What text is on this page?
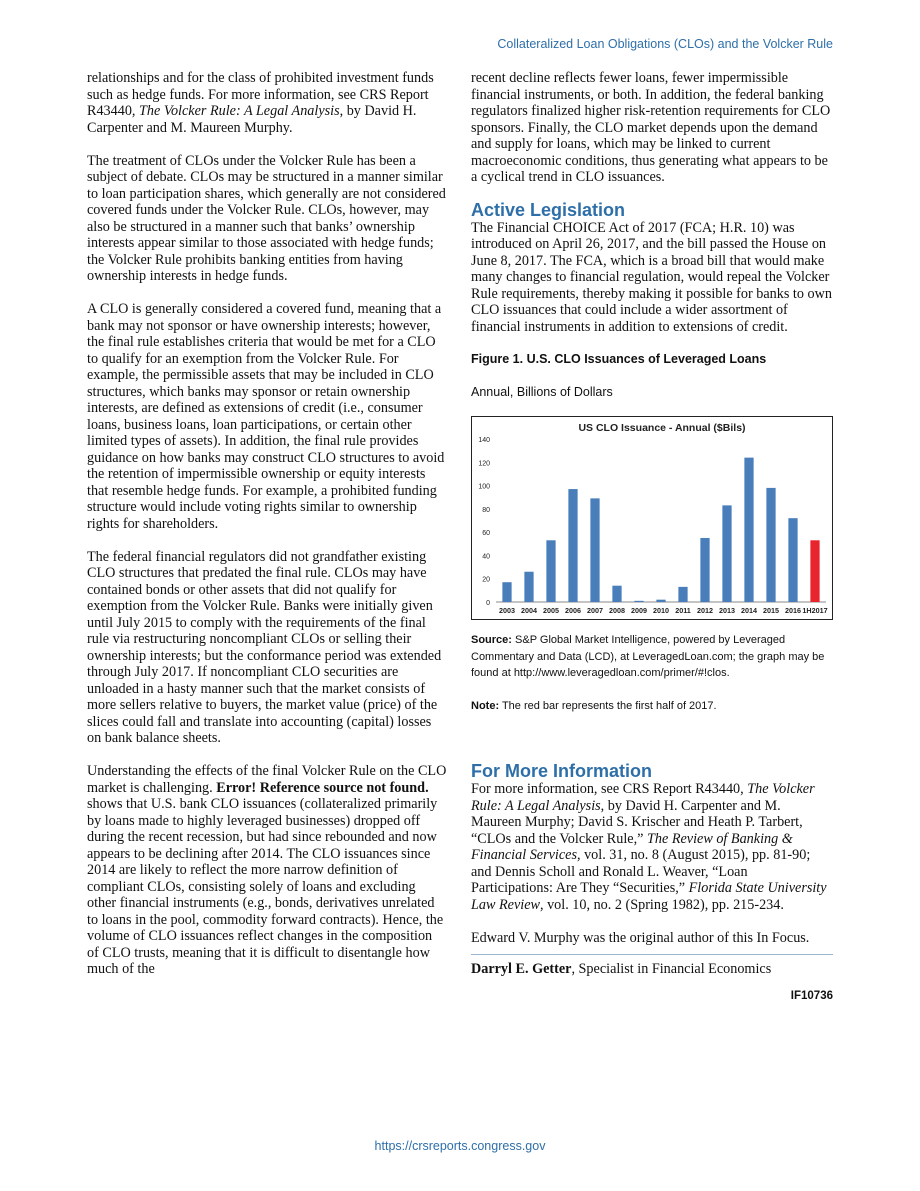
Collateralized Loan Obligations (CLOs) and the Volcker Rule

relationships and for the class of prohibited investment funds such as hedge funds. For more information, see CRS Report R43440, The Volcker Rule: A Legal Analysis, by David H. Carpenter and M. Maureen Murphy.

The treatment of CLOs under the Volcker Rule has been a subject of debate. CLOs may be structured in a manner similar to loan participation shares, which generally are not considered covered funds under the Volcker Rule. CLOs, however, may also be structured in a manner such that banks’ ownership interests appear similar to those associated with hedge funds; the Volcker Rule prohibits banking entities from having ownership interests in hedge funds.

A CLO is generally considered a covered fund, meaning that a bank may not sponsor or have ownership interests; however, the final rule establishes criteria that would be met for a CLO to qualify for an exemption from the Volcker Rule. For example, the permissible assets that may be included in CLO structures, which banks may sponsor or retain ownership interests, are defined as extensions of credit (i.e., consumer loans, business loans, loan participations, or certain other limited types of assets). In addition, the final rule provides guidance on how banks may construct CLO structures to avoid the retention of impermissible ownership or equity interests that resemble hedge funds. For example, a prohibited funding structure would include voting rights similar to ownership rights for shareholders.

The federal financial regulators did not grandfather existing CLO structures that predated the final rule. CLOs may have contained bonds or other assets that did not qualify for exemption from the Volcker Rule. Banks were initially given until July 2015 to comply with the requirements of the final rule via restructuring noncompliant CLOs or selling their ownership interests; but the conformance period was extended through July 2017. If noncompliant CLO securities are unloaded in a hasty manner such that the market consists of more sellers relative to buyers, the market value (price) of the slices could fall and translate into accounting (capital) losses on bank balance sheets.

Understanding the effects of the final Volcker Rule on the CLO market is challenging. Error! Reference source not found. shows that U.S. bank CLO issuances (collateralized primarily by loans made to highly leveraged businesses) dropped off during the recent recession, but had since rebounded and now appears to be declining after 2014. The CLO issuances since 2014 are likely to reflect the more narrow definition of compliant CLOs, consisting solely of loans and excluding other financial instruments (e.g., bonds, derivatives unrelated to loans in the pool, commodity forward contracts). Hence, the volume of CLO issuances reflect changes in the composition of CLO trusts, meaning that it is difficult to disentangle how much of the

recent decline reflects fewer loans, fewer impermissible financial instruments, or both. In addition, the federal banking regulators finalized higher risk-retention requirements for CLO sponsors. Finally, the CLO market depends upon the demand and supply for loans, which may be linked to current macroeconomic conditions, thus generating what appears to be a cyclical trend in CLO issuances.

Active Legislation

The Financial CHOICE Act of 2017 (FCA; H.R. 10) was introduced on April 26, 2017, and the bill passed the House on June 8, 2017. The FCA, which is a broad bill that would make many changes to financial regulation, would repeal the Volcker Rule requirements, thereby making it possible for banks to own CLO issuances that could include a wider assortment of financial instruments in addition to extensions of credit.

Figure 1. U.S. CLO Issuances of Leveraged Loans

Annual, Billions of Dollars

US CLO Issuance - Annual ($Bils)
0
20
40
60
80
100
120
140
2003 2004 2005 2006 2007 2008 2009 2010 2011 2012 2013 2014 2015 2016 1H2017

Source: S&P Global Market Intelligence, powered by Leveraged Commentary and Data (LCD), at LeveragedLoan.com; the graph may be found at http://www.leveragedloan.com/primer/#!clos.

Note: The red bar represents the first half of 2017.

For More Information

For more information, see CRS Report R43440, The Volcker Rule: A Legal Analysis, by David H. Carpenter and M. Maureen Murphy; David S. Krischer and Heath P. Tarbert, “CLOs and the Volcker Rule,” The Review of Banking & Financial Services, vol. 31, no. 8 (August 2015), pp. 81-90; and Dennis Scholl and Ronald L. Weaver, “Loan Participations: Are They “Securities,” Florida State University Law Review, vol. 10, no. 2 (Spring 1982), pp. 215-234.

Edward V. Murphy was the original author of this In Focus.

Darryl E. Getter, Specialist in Financial Economics

IF10736
https://crsreports.congress.gov
